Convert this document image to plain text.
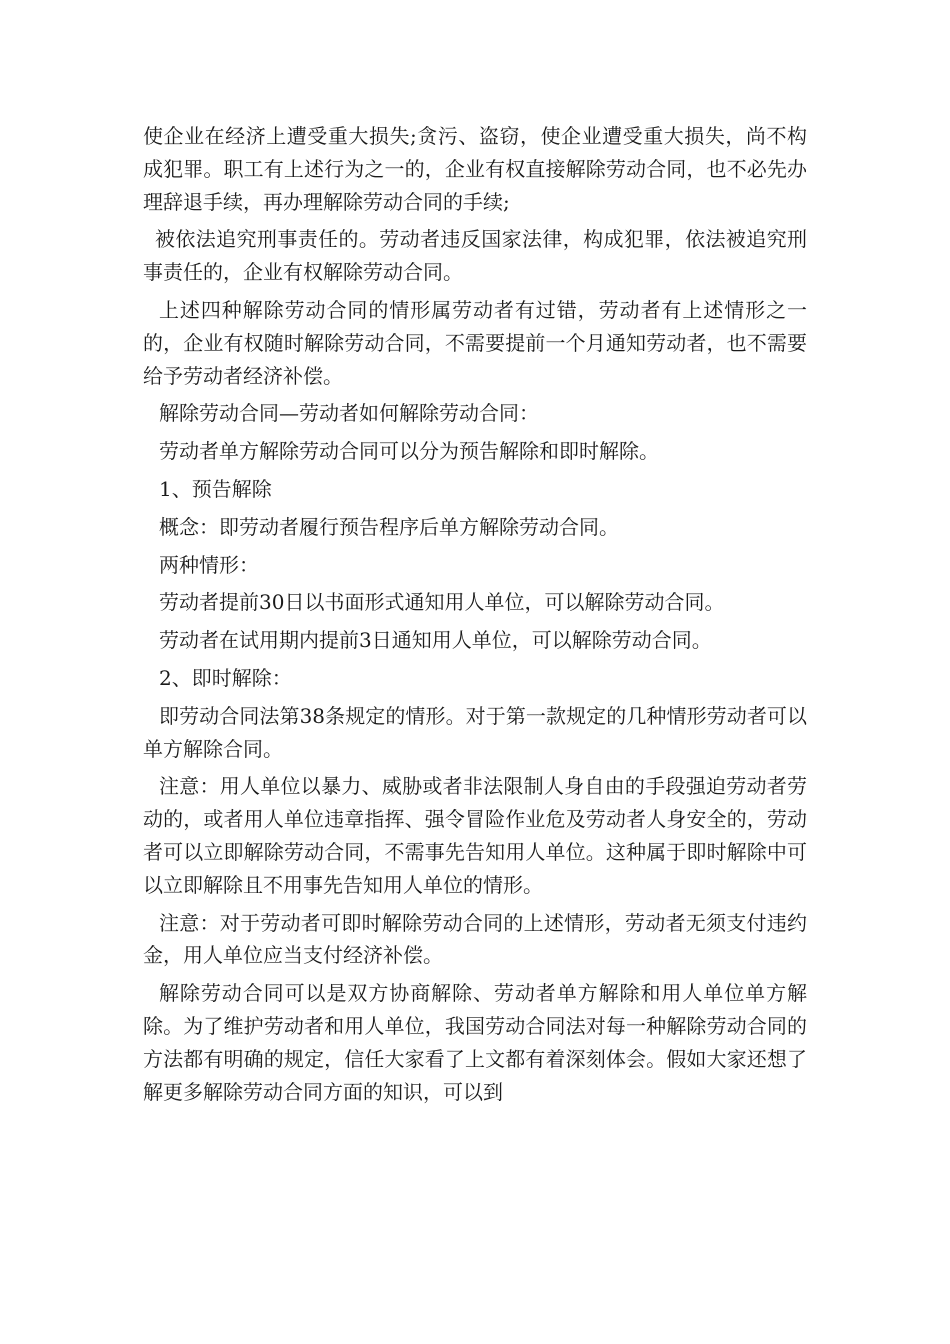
使企业在经济上遭受重大损失;贪污、盗窃，使企业遭受重大损失，尚不构成犯罪。职工有上述行为之一的，企业有权直接解除劳动合同，也不必先办理辞退手续，再办理解除劳动合同的手续;

被依法追究刑事责任的。劳动者违反国家法律，构成犯罪，依法被追究刑事责任的，企业有权解除劳动合同。

上述四种解除劳动合同的情形属劳动者有过错，劳动者有上述情形之一的，企业有权随时解除劳动合同，不需要提前一个月通知劳动者，也不需要给予劳动者经济补偿。

解除劳动合同—劳动者如何解除劳动合同：

劳动者单方解除劳动合同可以分为预告解除和即时解除。

1、预告解除

概念：即劳动者履行预告程序后单方解除劳动合同。

两种情形：

劳动者提前30日以书面形式通知用人单位，可以解除劳动合同。

劳动者在试用期内提前3日通知用人单位，可以解除劳动合同。

2、即时解除：

即劳动合同法第38条规定的情形。对于第一款规定的几种情形劳动者可以单方解除合同。

注意：用人单位以暴力、威胁或者非法限制人身自由的手段强迫劳动者劳动的，或者用人单位违章指挥、强令冒险作业危及劳动者人身安全的，劳动者可以立即解除劳动合同，不需事先告知用人单位。这种属于即时解除中可以立即解除且不用事先告知用人单位的情形。

注意：对于劳动者可即时解除劳动合同的上述情形，劳动者无须支付违约金，用人单位应当支付经济补偿。

解除劳动合同可以是双方协商解除、劳动者单方解除和用人单位单方解除。为了维护劳动者和用人单位，我国劳动合同法对每一种解除劳动合同的方法都有明确的规定，信任大家看了上文都有着深刻体会。假如大家还想了解更多解除劳动合同方面的知识，可以到
